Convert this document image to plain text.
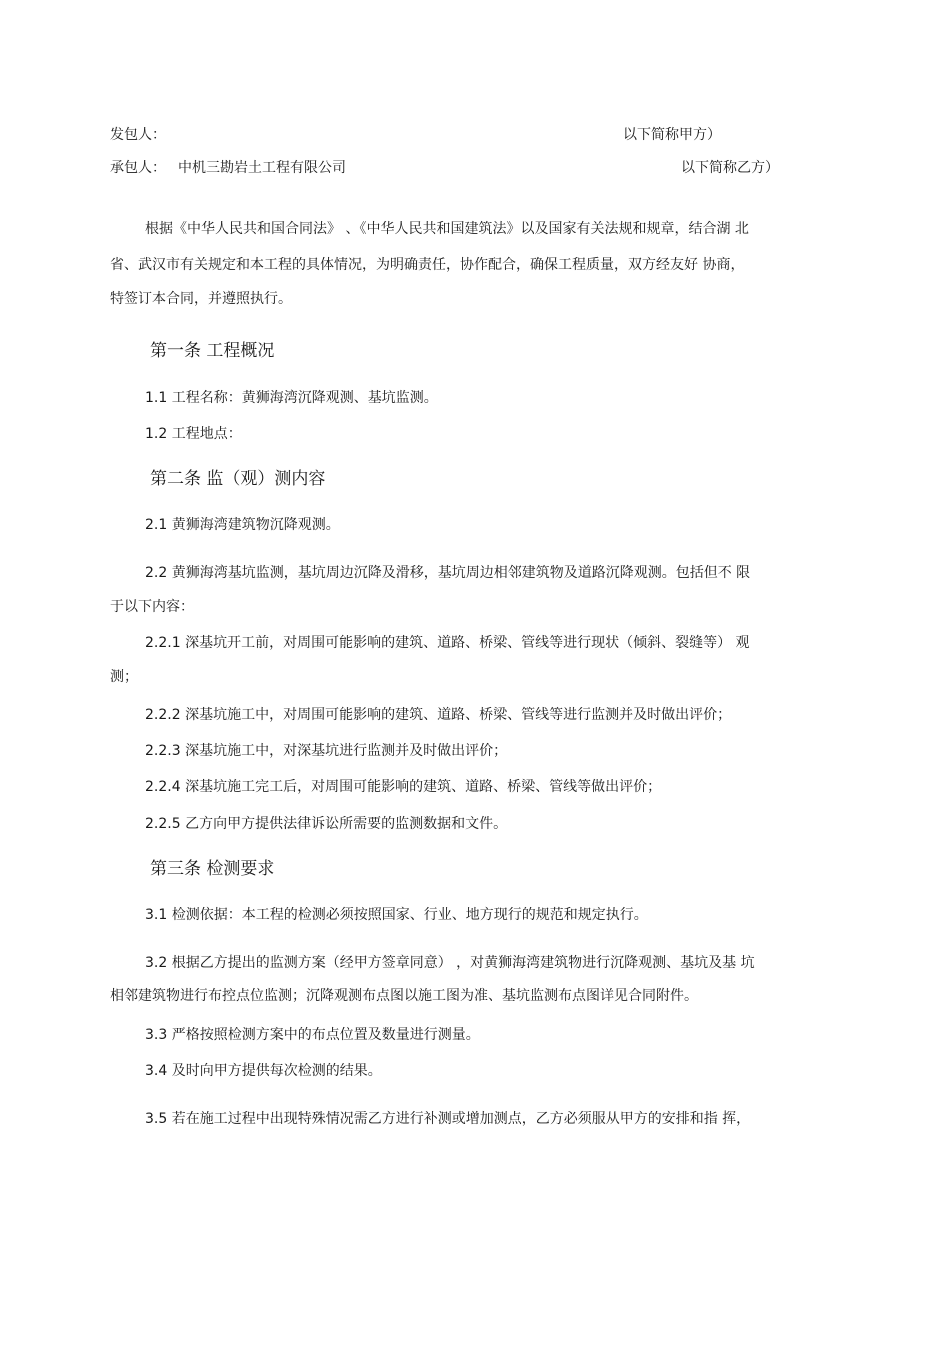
发包人：	以下简称甲方）
承包人： 中机三勘岩土工程有限公司	以下简称乙方）
根据《中华人民共和国合同法》 、《中华人民共和国建筑法》以及国家有关法规和规章，结合湖 北
省、武汉市有关规定和本工程的具体情况，为明确责任，协作配合，确保工程质量，双方经友好 协商，
特签订本合同，并遵照执行。
第一条 工程概况
1.1 工程名称：黄狮海湾沉降观测、基坑监测。
1.2 工程地点：
第二条 监（观）测内容
2.1 黄狮海湾建筑物沉降观测。
2.2 黄狮海湾基坑监测，基坑周边沉降及滑移，基坑周边相邻建筑物及道路沉降观测。包括但不 限
于以下内容：
2.2.1 深基坑开工前，对周围可能影响的建筑、道路、桥梁、管线等进行现状（倾斜、裂缝等） 观
测；
2.2.2 深基坑施工中，对周围可能影响的建筑、道路、桥梁、管线等进行监测并及时做出评价；
2.2.3 深基坑施工中，对深基坑进行监测并及时做出评价；
2.2.4 深基坑施工完工后，对周围可能影响的建筑、道路、桥梁、管线等做出评价；
2.2.5 乙方向甲方提供法律诉讼所需要的监测数据和文件。
第三条 检测要求
3.1 检测依据：本工程的检测必须按照国家、行业、地方现行的规范和规定执行。
3.2 根据乙方提出的监测方案（经甲方签章同意） ，对黄狮海湾建筑物进行沉降观测、基坑及基 坑
相邻建筑物进行布控点位监测；沉降观测布点图以施工图为准、基坑监测布点图详见合同附件。
3.3 严格按照检测方案中的布点位置及数量进行测量。
3.4 及时向甲方提供每次检测的结果。
3.5 若在施工过程中出现特殊情况需乙方进行补测或增加测点，乙方必须服从甲方的安排和指 挥，
